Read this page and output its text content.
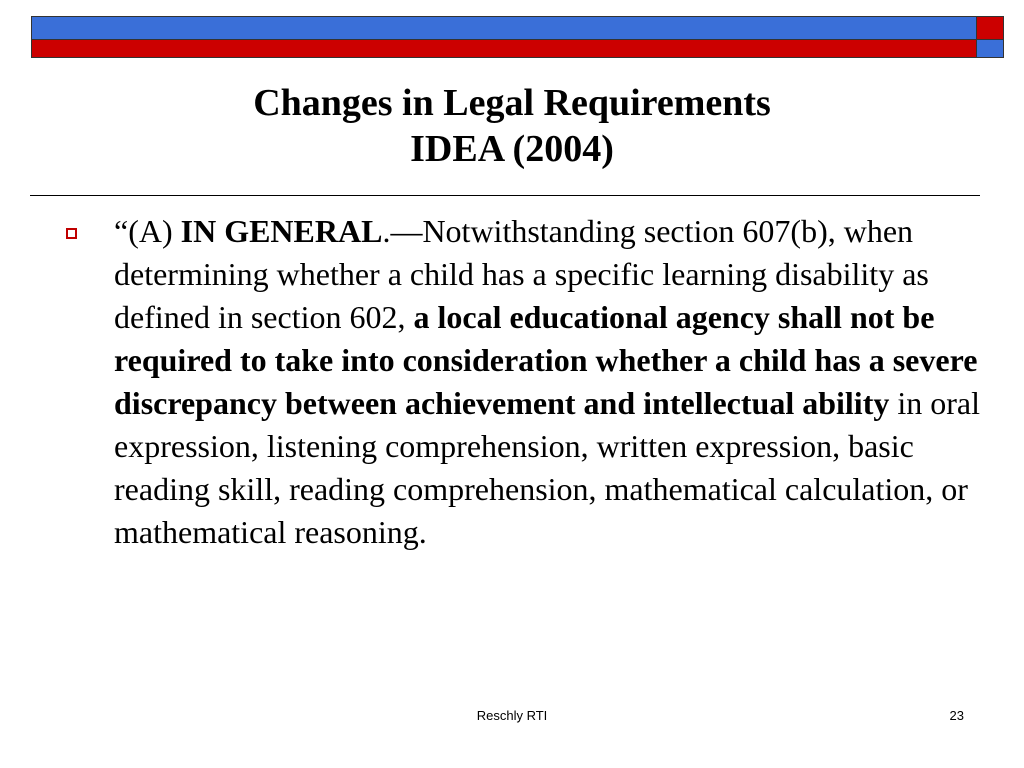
Changes in Legal Requirements
IDEA (2004)
“(A) IN GENERAL.—Notwithstanding section 607(b), when determining whether a child has a specific learning disability as defined in section 602, a local educational agency shall not be required to take into consideration whether a child has a severe discrepancy between achievement and intellectual ability in oral expression, listening comprehension, written expression, basic reading skill, reading comprehension, mathematical calculation, or mathematical reasoning.
Reschly RTI	23
